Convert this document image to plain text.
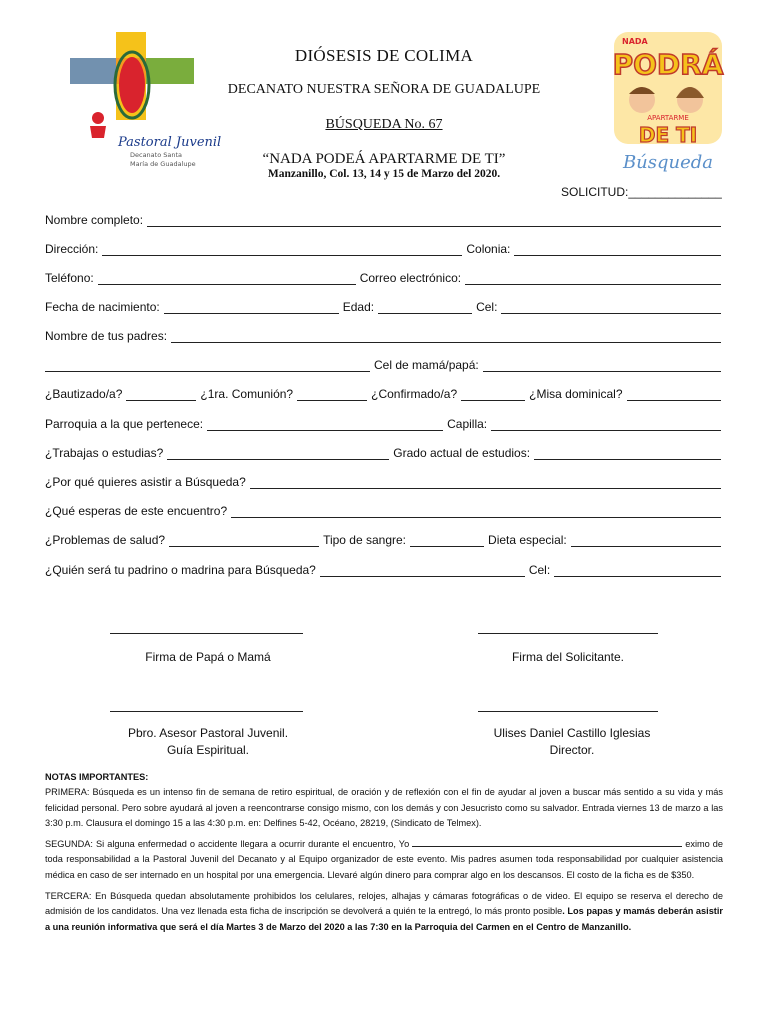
Pastoral Juvenil
Decanato Santa
María de Guadalupe
NADA
PODRÁ
APARTARME
DE TI
Búsqueda
DIÓSESIS DE COLIMA
DECANATO NUESTRA SEÑORA DE GUADALUPE
BÚSQUEDA No. 67
“NADA PODEÁ APARTARME DE TI”
Manzanillo, Col. 13, 14 y 15 de Marzo del 2020.
SOLICITUD:______________
Nombre completo:
Dirección:	Colonia:
Teléfono:	Correo electrónico:
Fecha de nacimiento:	Edad:	Cel:
Nombre de tus padres:
Cel de mamá/papá:
¿Bautizado/a?	¿1ra. Comunión?	¿Confirmado/a?	¿Misa dominical?
Parroquia a la que pertenece:	Capilla:
¿Trabajas o estudias?	Grado actual de estudios:
¿Por qué quieres asistir a Búsqueda?
¿Qué esperas de este encuentro?
¿Problemas de salud?	Tipo de sangre:	Dieta especial:
¿Quién será tu padrino o madrina para Búsqueda?	Cel:
Firma de Papá o Mamá	Firma del Solicitante.
Pbro. Asesor Pastoral Juvenil.
Guía Espiritual.
Ulises Daniel Castillo Iglesias
Director.

NOTAS IMPORTANTES:

PRIMERA: Búsqueda es un intenso fin de semana de retiro espiritual, de oración y de reflexión con el fin de ayudar al joven a buscar más sentido a su vida y más felicidad personal. Pero sobre ayudará al joven a reencontrarse consigo mismo, con los demás y con Jesucristo como su salvador. Entrada viernes 13 de marzo a las 3:30 p.m. Clausura el domingo 15 a las 4:30 p.m. en: Delfines 5-42, Océano, 28219, (Sindicato de Telmex).

SEGUNDA: Si alguna enfermedad o accidente llegara a ocurrir durante el encuentro, Yo	eximo de toda responsabilidad a la Pastoral Juvenil del Decanato y al Equipo organizador de este evento. Mis padres asumen toda responsabilidad por cualquier asistencia médica en caso de ser internado en un hospital por una emergencia. Llevaré algún dinero para comprar algo en los descansos. El costo de la ficha es de $350.

TERCERA: En Búsqueda quedan absolutamente prohibidos los celulares, relojes, alhajas y cámaras fotográficas o de video. El equipo se reserva el derecho de admisión de los candidatos. Una vez llenada esta ficha de inscripción se devolverá a quién te la entregó, lo más pronto posible. Los papas y mamás deberán asistir a una reunión informativa que será el día Martes 3 de Marzo del 2020 a las 7:30 en la Parroquia del Carmen en el Centro de Manzanillo.
